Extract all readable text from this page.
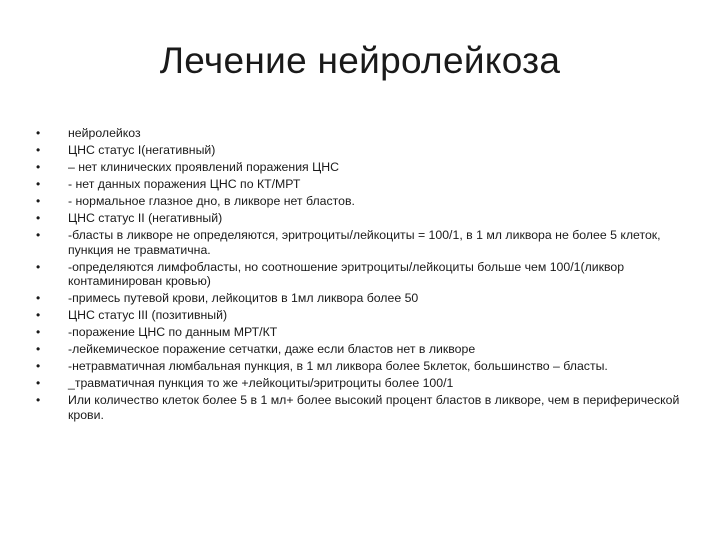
Лечение нейролейкоза
• нейролейкоз
• ЦНС статус I(негативный)
• – нет клинических проявлений поражения ЦНС
• - нет данных поражения ЦНС по КТ/МРТ
• - нормальное глазное дно, в ликворе нет бластов.
• ЦНС статус II (негативный)
• -бласты в ликворе не определяются, эритроциты/лейкоциты = 100/1, в 1 мл ликвора не более 5 клеток, пункция не травматична.
• -определяются лимфобласты, но соотношение эритроциты/лейкоциты больше чем 100/1(ликвор контаминирован кровью)
• -примесь путевой крови, лейкоцитов в 1мл ликвора более 50
• ЦНС статус III (позитивный)
• -поражение ЦНС по данным МРТ/КТ
• -лейкемическое поражение сетчатки, даже если бластов нет в ликворе
• -нетравматичная люмбальная пункция, в 1 мл ликвора более 5клеток, большинство – бласты.
• _травматичная пункция то же +лейкоциты/эритроциты более 100/1
• Или количество клеток более 5 в 1 мл+ более высокий процент бластов в ликворе, чем в периферической крови.
